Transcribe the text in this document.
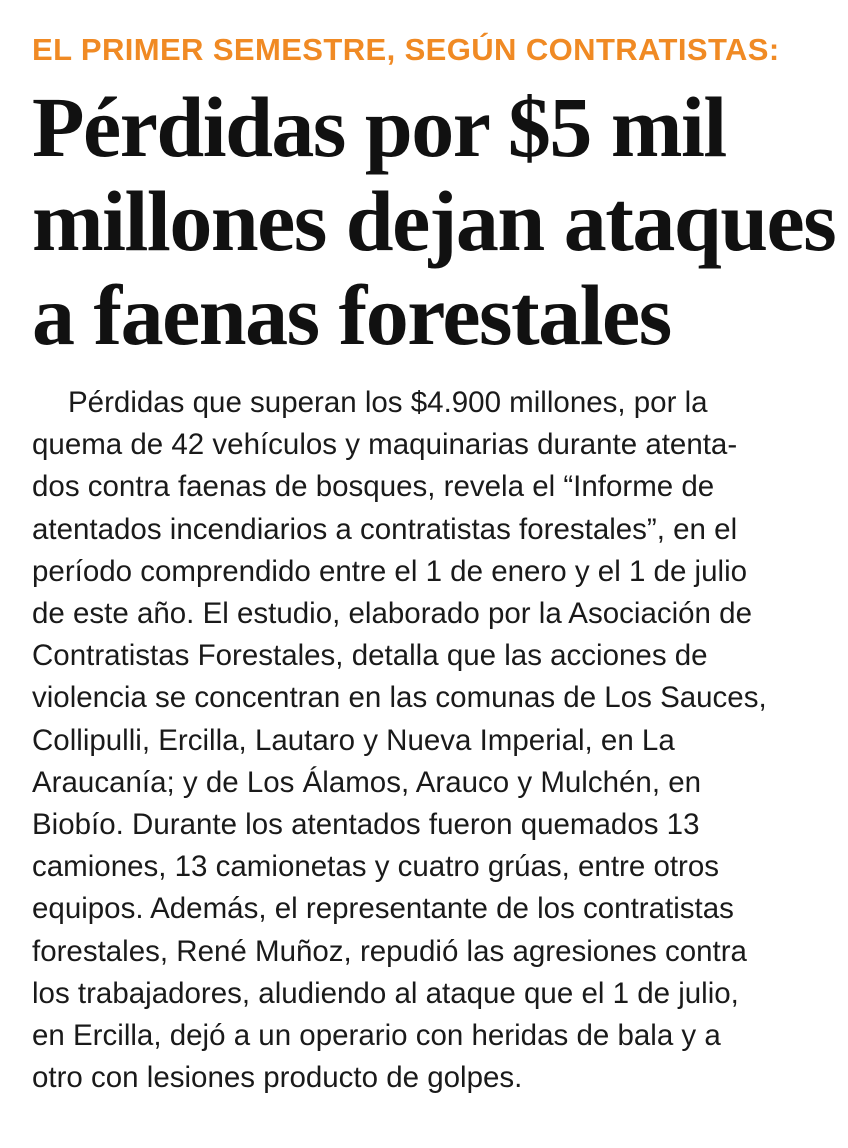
EL PRIMER SEMESTRE, SEGÚN CONTRATISTAS:

Pérdidas por $5 mil
millones dejan ataques
a faenas forestales
Pérdidas que superan los $4.900 millones, por la
quema de 42 vehículos y maquinarias durante atenta-
dos contra faenas de bosques, revela el “Informe de
atentados incendiarios a contratistas forestales”, en el
período comprendido entre el 1 de enero y el 1 de julio
de este año. El estudio, elaborado por la Asociación de
Contratistas Forestales, detalla que las acciones de
violencia se concentran en las comunas de Los Sauces,
Collipulli, Ercilla, Lautaro y Nueva Imperial, en La
Araucanía; y de Los Álamos, Arauco y Mulchén, en
Biobío. Durante los atentados fueron quemados 13
camiones, 13 camionetas y cuatro grúas, entre otros
equipos. Además, el representante de los contratistas
forestales, René Muñoz, repudió las agresiones contra
los trabajadores, aludiendo al ataque que el 1 de julio,
en Ercilla, dejó a un operario con heridas de bala y a
otro con lesiones producto de golpes.
